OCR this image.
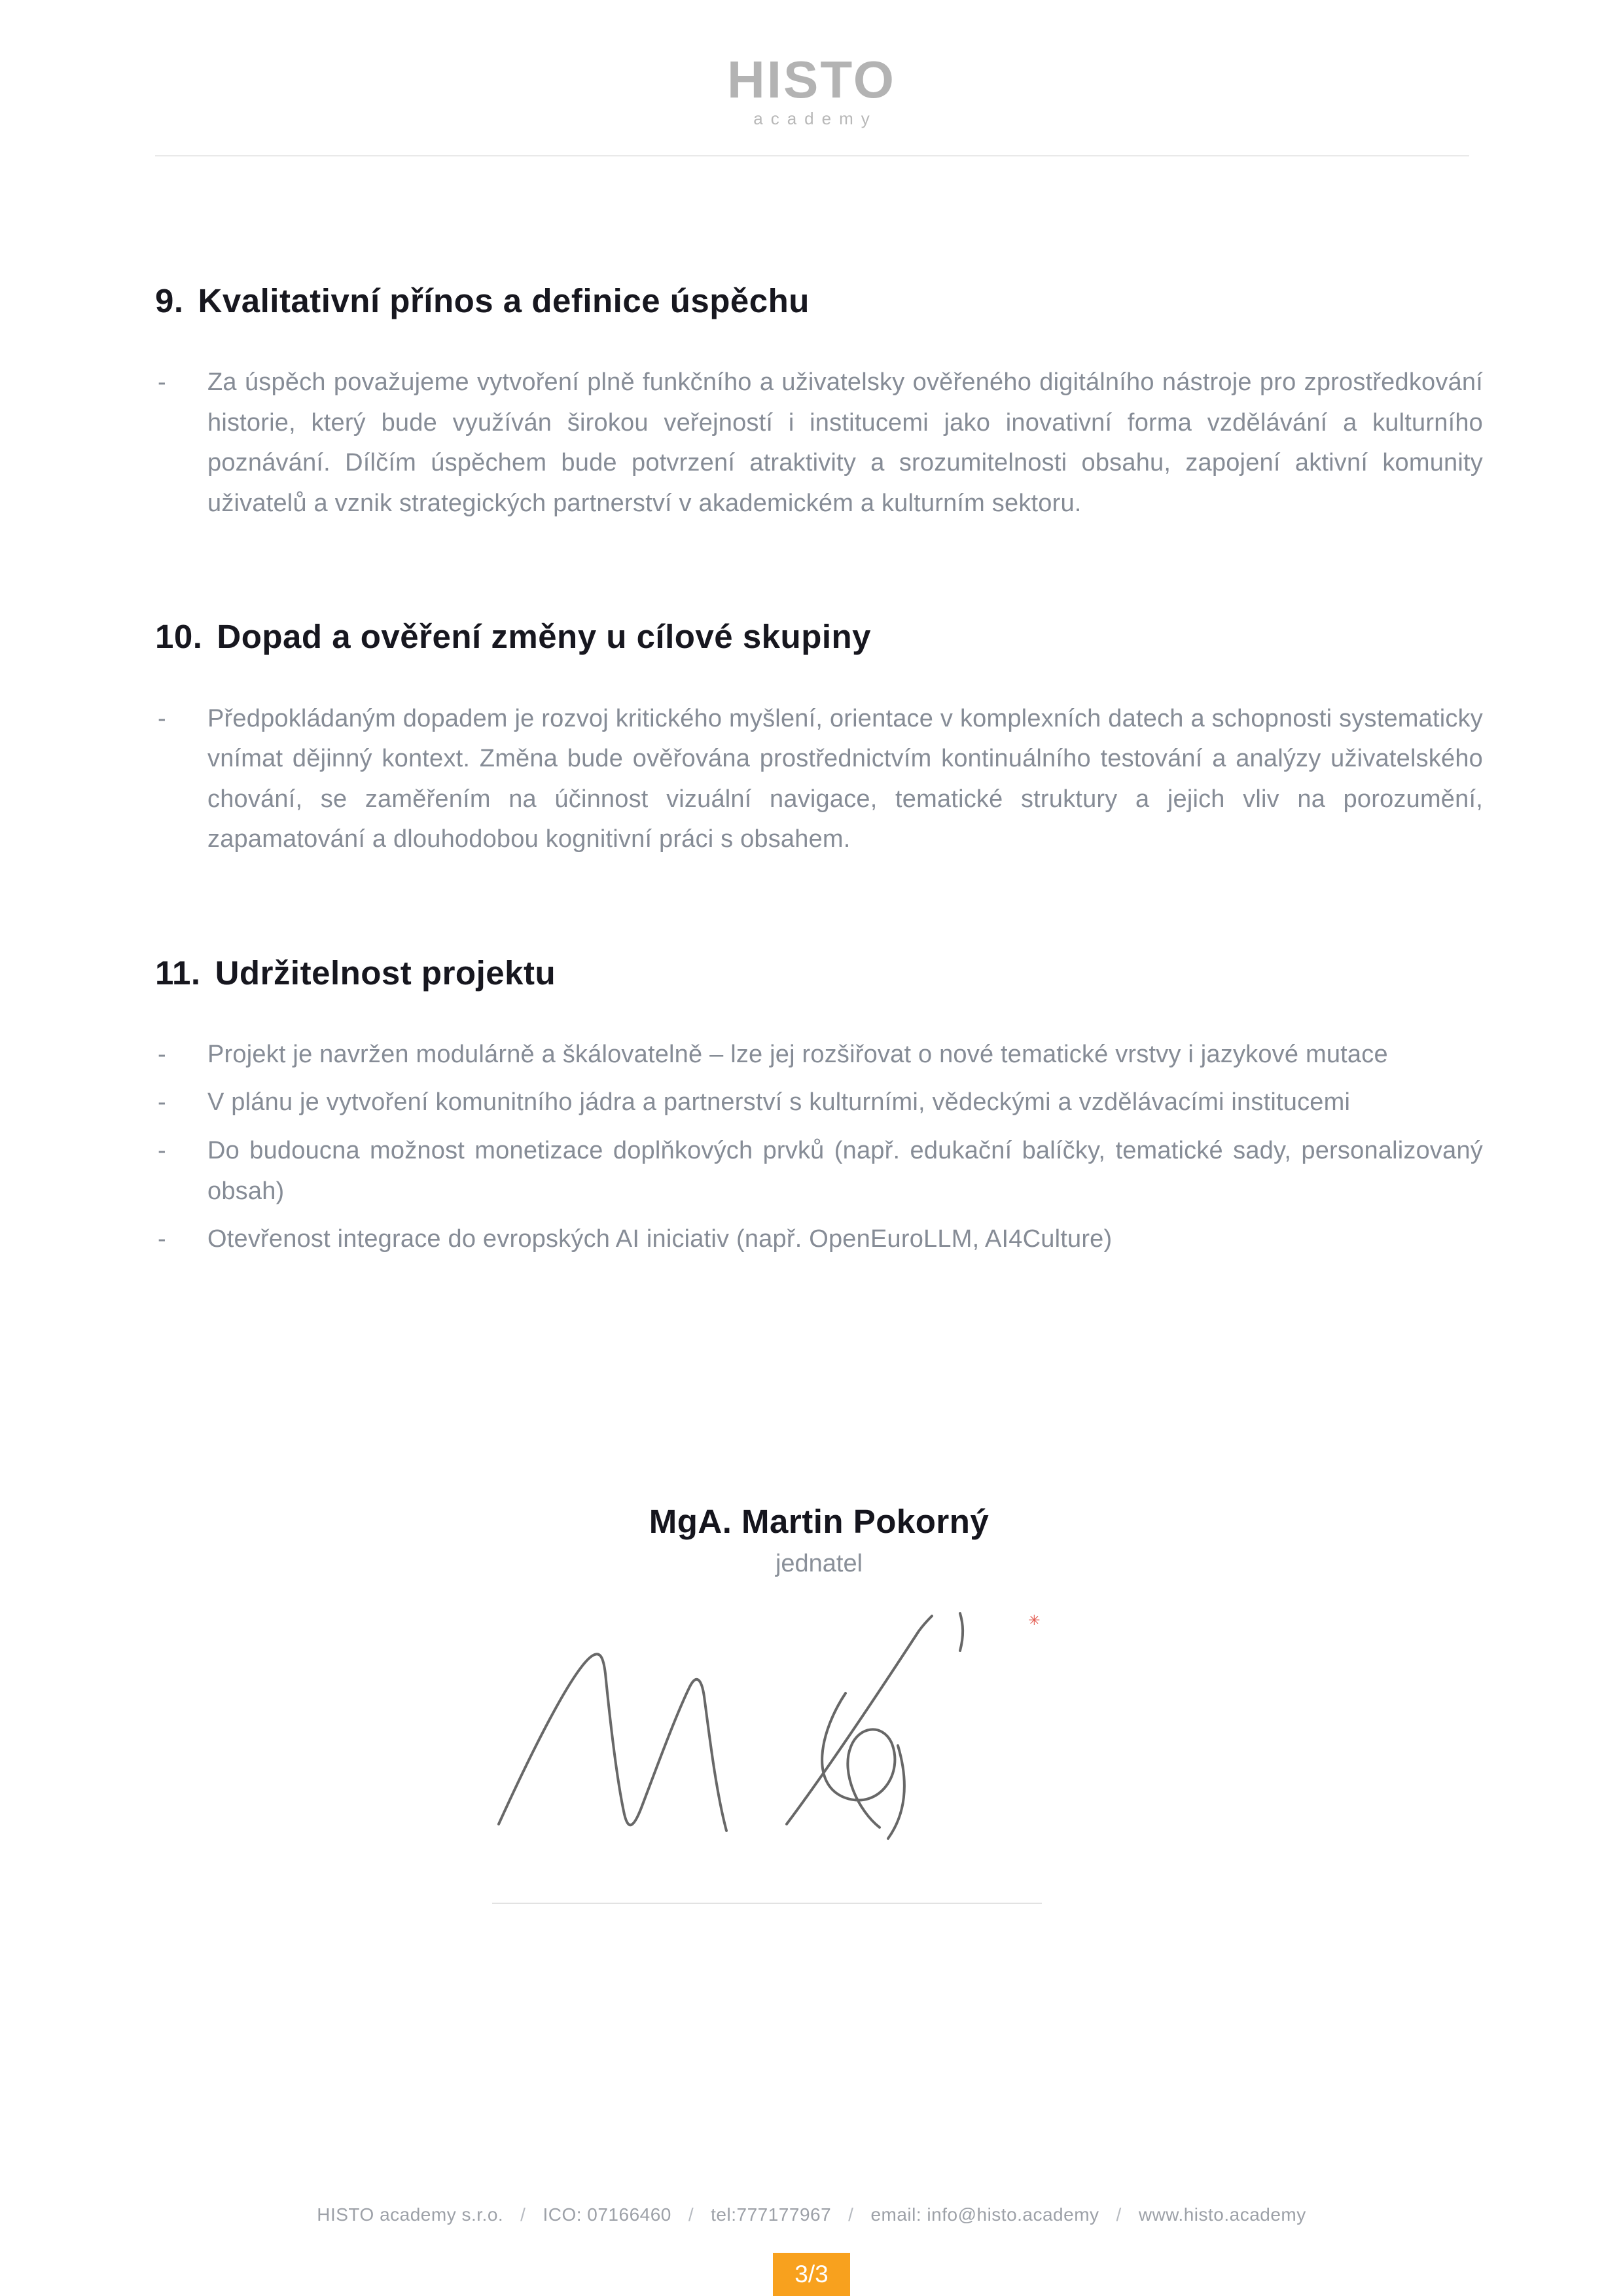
HISTO
academy
9. Kvalitativní přínos a definice úspěchu
- Za úspěch považujeme vytvoření plně funkčního a uživatelsky ověřeného digitálního nástroje pro zprostředkování historie, který bude využíván širokou veřejností i institucemi jako inovativní forma vzdělávání a kulturního poznávání. Dílčím úspěchem bude potvrzení atraktivity a srozumitelnosti obsahu, zapojení aktivní komunity uživatelů a vznik strategických partnerství v akademickém a kulturním sektoru.

10. Dopad a ověření změny u cílové skupiny
- Předpokládaným dopadem je rozvoj kritického myšlení, orientace v komplexních datech a schopnosti systematicky vnímat dějinný kontext. Změna bude ověřována prostřednictvím kontinuálního testování a analýzy uživatelského chování, se zaměřením na účinnost vizuální navigace, tematické struktury a jejich vliv na porozumění, zapamatování a dlouhodobou kognitivní práci s obsahem.

11. Udržitelnost projektu
- Projekt je navržen modulárně a škálovatelně – lze jej rozšiřovat o nové tematické vrstvy i jazykové mutace

- V plánu je vytvoření komunitního jádra a partnerství s kulturními, vědeckými a vzdělávacími institucemi

- Do budoucna možnost monetizace doplňkových prvků (např. edukační balíčky, tematické sady, personalizovaný obsah)

- Otevřenost integrace do evropských AI iniciativ (např. OpenEuroLLM, AI4Culture)

MgA. Martin Pokorný
jednatel
✳
HISTO academy s.r.o. / ICO: 07166460 / tel:777177967 / email: info@histo.academy / www.histo.academy
3/3
